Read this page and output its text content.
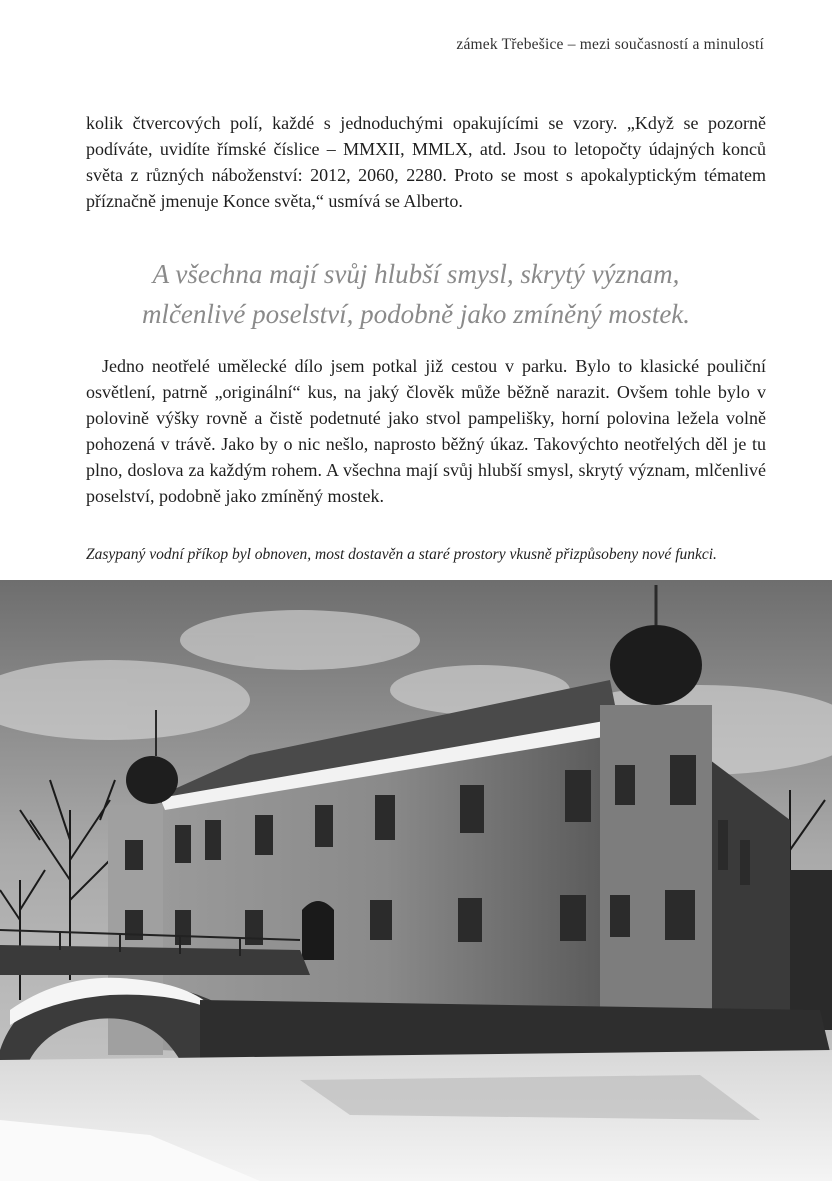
zámek Třebešice – mezi současností a minulostí

kolik čtvercových polí, každé s jednoduchými opakujícími se vzory. „Když se pozorně podíváte, uvidíte římské číslice – MMXII, MMLX, atd. Jsou to letopočty údajných konců světa z různých náboženství: 2012, 2060, 2280. Proto se most s apokalyptickým tématem příznačně jmenuje Konce světa,“ usmívá se Alberto.

A všechna mají svůj hlubší smysl, skrytý význam,
mlčenlivé poselství, podobně jako zmíněný mostek.

Jedno neotřelé umělecké dílo jsem potkal již cestou v parku. Bylo to klasické pouliční osvětlení, patrně „originální“ kus, na jaký člověk může běžně narazit. Ovšem tohle bylo v polovině výšky rovně a čistě podetnuté jako stvol pampelišky, horní polovina ležela volně pohozená v trávě. Jako by o nic nešlo, naprosto běžný úkaz. Takovýchto neotřelých děl je tu plno, doslova za každým rohem. A všechna mají svůj hlubší smysl, skrytý význam, mlčenlivé poselství, podobně jako zmíněný mostek.

Zasypaný vodní příkop byl obnoven, most dostavěn a staré prostory vkusně přizpůsobeny nové funkci.
